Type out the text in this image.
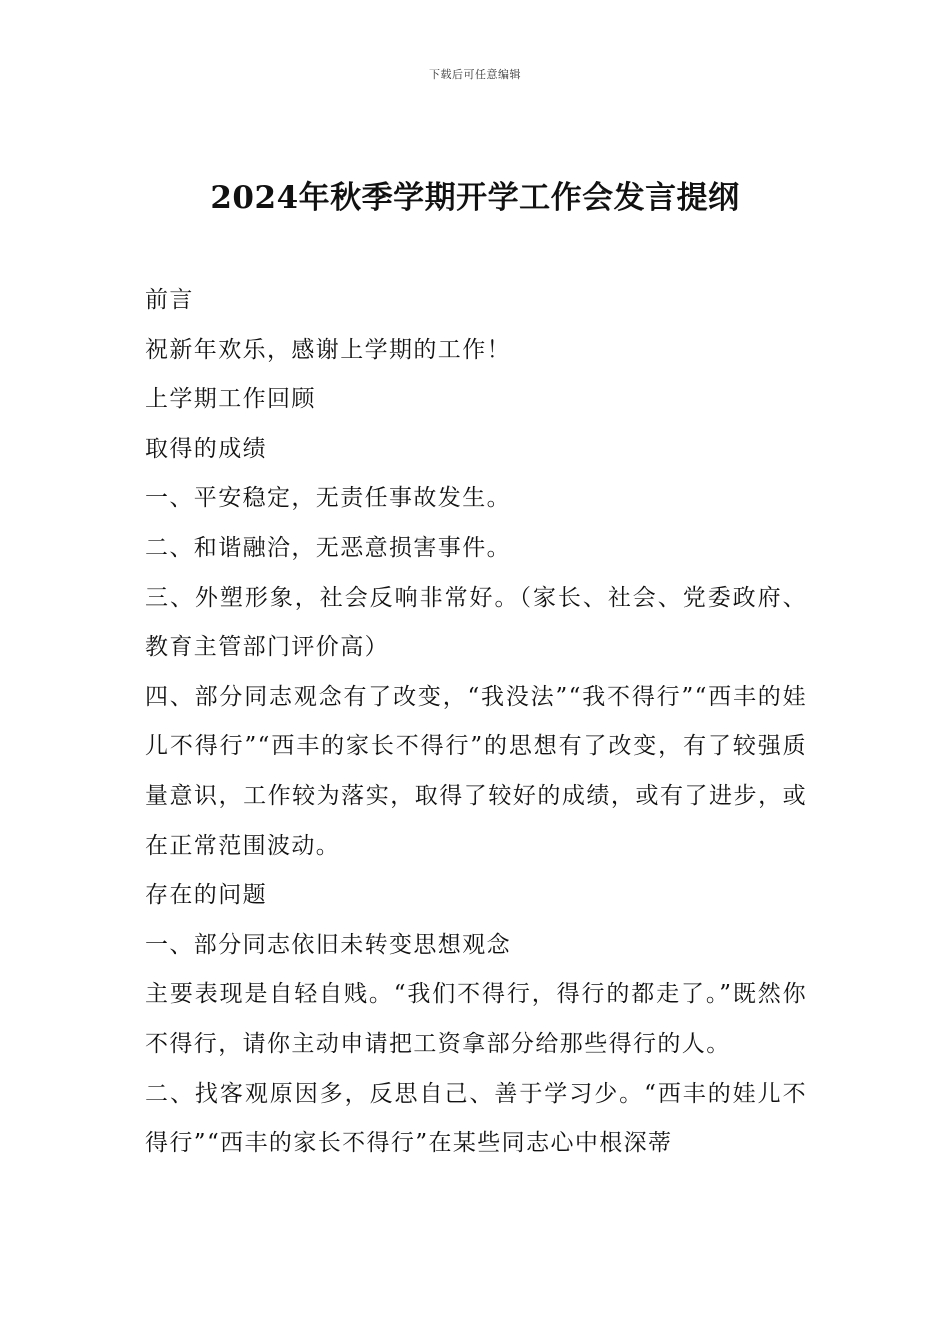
下载后可任意编辑
2024年秋季学期开学工作会发言提纲

前言

祝新年欢乐，感谢上学期的工作！

上学期工作回顾

取得的成绩

一、平安稳定，无责任事故发生。

二、和谐融洽，无恶意损害事件。

三、外塑形象，社会反响非常好。（家长、社会、党委政府、教育主管部门评价高）

四、部分同志观念有了改变，“我没法”“我不得行”“西丰的娃儿不得行”“西丰的家长不得行”的思想有了改变，有了较强质量意识，工作较为落实，取得了较好的成绩，或有了进步，或在正常范围波动。

存在的问题

一、部分同志依旧未转变思想观念

主要表现是自轻自贱。“我们不得行，得行的都走了。”既然你不得行，请你主动申请把工资拿部分给那些得行的人。

二、找客观原因多，反思自己、善于学习少。“西丰的娃儿不得行”“西丰的家长不得行”在某些同志心中根深蒂
